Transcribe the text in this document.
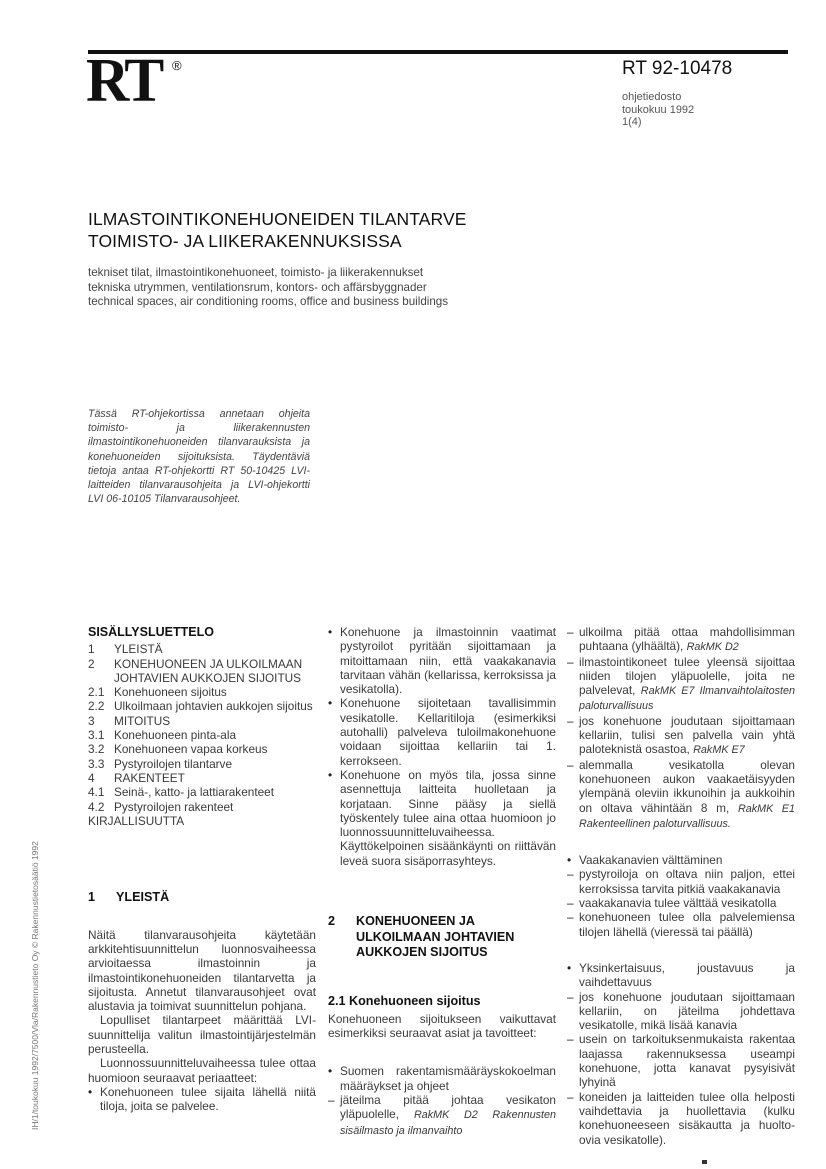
RT ®	RT 92-10478
ohjetiedosto
toukokuu 1992
1(4)
ILMASTOINTIKONEHUONEIDEN TILANTARVE
TOIMISTO- JA LIIKERAKENNUKSISSA
tekniset tilat, ilmastointikonehuoneet, toimisto- ja liikerakennukset
tekniska utrymmen, ventilationsrum, kontors- och affärsbyggnader
technical spaces, air conditioning rooms, office and business buildings
Tässä RT-ohjekortissa annetaan ohjeita toimisto- ja liikerakennusten ilmastointikonehuoneiden tilanvarauksista ja konehuoneiden sijoituksista. Täydentäviä tietoja antaa RT-ohjekortti RT 50-10425 LVI-laitteiden tilanvarausohjeita ja LVI-ohjekortti LVI 06-10105 Tilanvarausohjeet.
SISÄLLYSLUETTELO
1	YLEISTÄ
2	KONEHUONEEN JA ULKOILMAAN JOHTAVIEN AUKKOJEN SIJOITUS
2.1 Konehuoneen sijoitus
2.2 Ulkoilmaan johtavien aukkojen sijoitus
3	MITOITUS
3.1 Konehuoneen pinta-ala
3.2 Konehuoneen vapaa korkeus
3.3 Pystyroilojen tilantarve
4	RAKENTEET
4.1 Seinä-, katto- ja lattiarakenteet
4.2 Pystyroilojen rakenteet
KIRJALLISUUTTA
1	YLEISTÄ

Näitä tilanvarausohjeita käytetään arkkitehtisuunnittelun luonnosvaiheessa arvioitaessa ilmastoinnin ja ilmastointikonehuoneiden tilantarvetta ja sijoitusta. Annetut tilanvarausohjeet ovat alustavia ja toimivat suunnittelun pohjana.

Lopulliset tilantarpeet määrittää LVI-suunnittelija valitun ilmastointijärjestelmän perusteella.

Luonnossuunnitteluvaiheessa tulee ottaa huomioon seuraavat periaatteet:

• Konehuoneen tulee sijaita lähellä niitä tiloja, joita se palvelee.
• Konehuone ja ilmastoinnin vaatimat pystyroilot pyritään sijoittamaan ja mitoittamaan niin, että vaakakanavia tarvitaan vähän (kellarissa, kerroksissa ja vesikatolla).
• Konehuone sijoitetaan tavallisimmin vesikatolle. Kellaritiloja (esimerkiksi autohalli) palveleva tuloilmakonehuone voidaan sijoittaa kellariin tai 1. kerrokseen.
• Konehuone on myös tila, jossa sinne asennettuja laitteita huolletaan ja korjataan. Sinne pääsy ja siellä työskentely tulee aina ottaa huomioon jo luonnossuunnitteluvaiheessa. Käyttökelpoinen sisäänkäynti on riittävän leveä suora sisäporrasyhteys.
2	KONEHUONEEN JA ULKOILMAAN JOHTAVIEN AUKKOJEN SIJOITUS
2.1 Konehuoneen sijoitus

Konehuoneen sijoitukseen vaikuttavat esimerkiksi seuraavat asiat ja tavoitteet:

• Suomen rakentamismääräyskokoelman määräykset ja ohjeet
– jäteilma pitää johtaa vesikaton yläpuolelle, RakMK D2 Rakennusten sisäilmasto ja ilmanvaihto
– ulkoilma pitää ottaa mahdollisimman puhtaana (ylhäältä), RakMK D2
– ilmastointikoneet tulee yleensä sijoittaa niiden tilojen yläpuolelle, joita ne palvelevat, RakMK E7 Ilmanvaihtolaitosten paloturvallisuus
– jos konehuone joudutaan sijoittamaan kellariin, tulisi sen palvella vain yhtä paloteknistä osastoa, RakMK E7
– alemmalla vesikatolla olevan konehuoneen aukon vaakaetäisyyden ylempänä oleviin ikkunoihin ja aukkoihin on oltava vähintään 8 m, RakMK E1 Rakenteellinen paloturvallisuus.
• Vaakakanavien välttäminen
– pystyroiloja on oltava niin paljon, ettei kerroksissa tarvita pitkiä vaakakanavia
– vaakakanavia tulee välttää vesikatolla
– konehuoneen tulee olla palvelemiensa tilojen lähellä (vieressä tai päällä)
• Yksinkertaisuus, joustavuus ja vaihdettavuus
– jos konehuone joudutaan sijoittamaan kellariin, on jäteilma johdettava vesikatolle, mikä lisää kanavia
– usein on tarkoituksenmukaista rakentaa laajassa rakennuksessa useampi konehuone, jotta kanavat pysyisivät lyhyinä
– koneiden ja laitteiden tulee olla helposti vaihdettavia ja huollettavia (kulku konehuoneeseen sisäkautta ja huolto-ovia vesikatolle).
IH/1/toukokuu 1992/7500/Vla/Rakennustieto Oy © Rakennustietosäätiö 1992
